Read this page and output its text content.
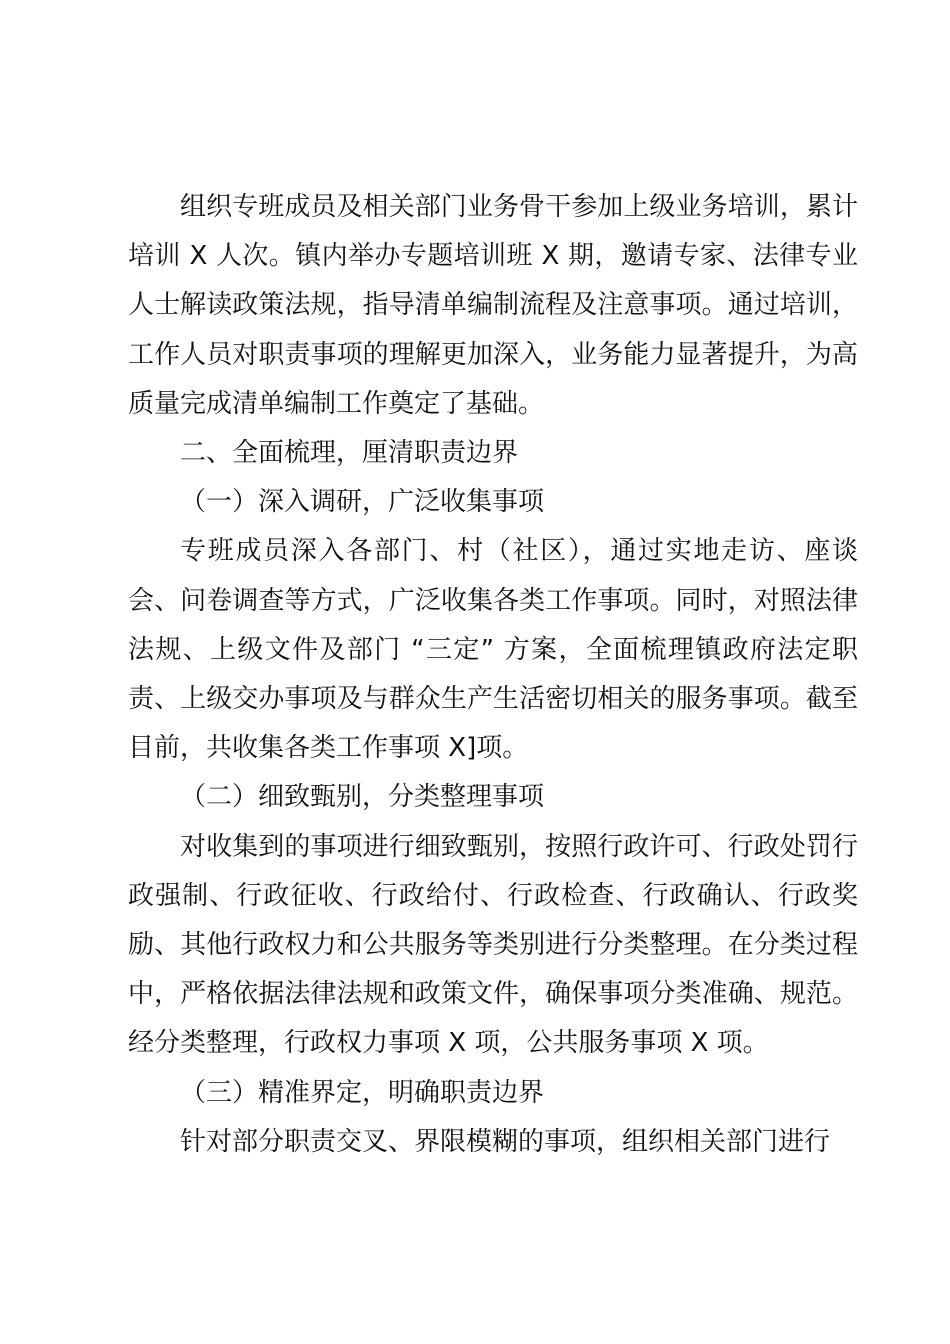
组织专班成员及相关部门业务骨干参加上级业务培训，累计培训 X 人次。镇内举办专题培训班 X 期，邀请专家、法律专业人士解读政策法规，指导清单编制流程及注意事项。通过培训，工作人员对职责事项的理解更加深入，业务能力显著提升，为高质量完成清单编制工作奠定了基础。

二、全面梳理，厘清职责边界

（一）深入调研，广泛收集事项

专班成员深入各部门、村（社区），通过实地走访、座谈会、问卷调查等方式，广泛收集各类工作事项。同时，对照法律法规、上级文件及部门 “三定” 方案，全面梳理镇政府法定职责、上级交办事项及与群众生产生活密切相关的服务事项。截至目前，共收集各类工作事项 X]项。

（二）细致甄别，分类整理事项

对收集到的事项进行细致甄别，按照行政许可、行政处罚行政强制、行政征收、行政给付、行政检查、行政确认、行政奖励、其他行政权力和公共服务等类别进行分类整理。在分类过程中，严格依据法律法规和政策文件，确保事项分类准确、规范。经分类整理，行政权力事项 X 项，公共服务事项 X 项。

（三）精准界定，明确职责边界

针对部分职责交叉、界限模糊的事项，组织相关部门进行
